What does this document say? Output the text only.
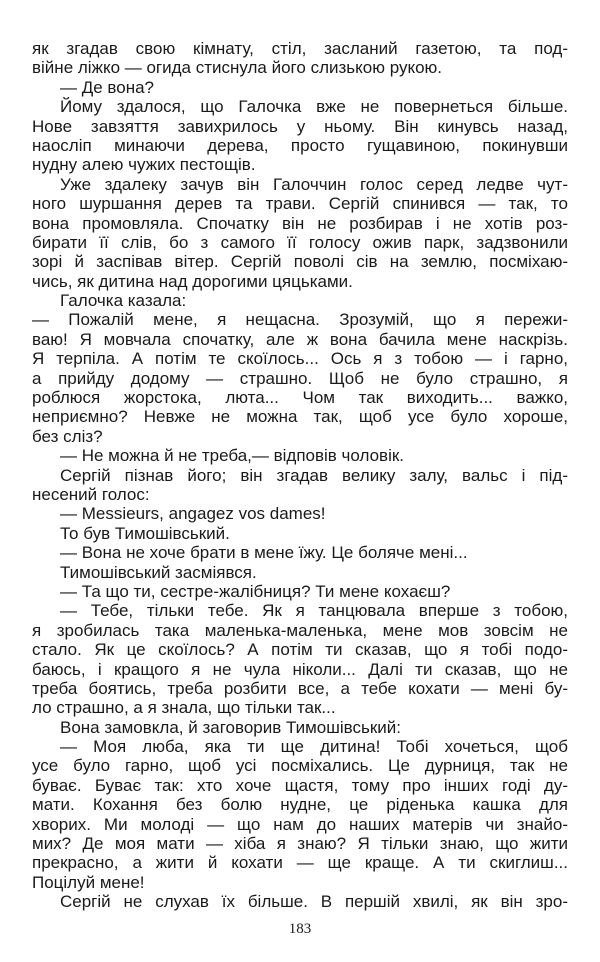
як згадав свою кімнату, стіл, засланий газетою, та под-
війне ліжко — огида стиснула його слизькою рукою.
— Де вона?
Йому здалося, що Галочка вже не повернеться більше.
Нове завзяття завихрилось у ньому. Він кинувсь назад,
наосліп минаючи дерева, просто гущавиною, покинувши
нудну алею чужих пестощів.
Уже здалеку зачув він Галоччин голос серед ледве чут-
ного шуршання дерев та трави. Сергій спинився — так, то
вона промовляла. Спочатку він не розбирав і не хотів роз-
бирати її слів, бо з самого її голосу ожив парк, задзвонили
зорі й заспівав вітер. Сергій поволі сів на землю, посміхаю-
чись, як дитина над дорогими цяцьками.
Галочка казала:
— Пожалій мене, я нещасна. Зрозумій, що я пережи-
ваю! Я мовчала спочатку, але ж вона бачила мене наскрізь.
Я терпіла. А потім те скоїлось... Ось я з тобою — і гарно,
а прийду додому — страшно. Щоб не було страшно, я
роблюся жорстока, люта... Чом так виходить... важко,
неприємно? Невже не можна так, щоб усе було хороше,
без сліз?
— Не можна й не треба,— відповів чоловік.
Сергій пізнав його; він згадав велику залу, вальс і під-
несений голос:
— Messieurs, angagez vos dames!
То був Тимошівський.
— Вона не хоче брати в мене їжу. Це боляче мені...
Тимошівський засміявся.
— Та що ти, сестре-жалібниця? Ти мене кохаєш?
— Тебе, тільки тебе. Як я танцювала вперше з тобою,
я зробилась така маленька-маленька, мене мов зовсім не
стало. Як це скоїлось? А потім ти сказав, що я тобі подо-
баюсь, і кращого я не чула ніколи... Далі ти сказав, що не
треба боятись, треба розбити все, а тебе кохати — мені бу-
ло страшно, а я знала, що тільки так...
Вона замовкла, й заговорив Тимошівський:
— Моя люба, яка ти ще дитина! Тобі хочеться, щоб
усе було гарно, щоб усі посміхались. Це дурниця, так не
буває. Буває так: хто хоче щастя, тому про інших годі ду-
мати. Кохання без болю нудне, це ріденька кашка для
хворих. Ми молоді — що нам до наших матерів чи знайо-
мих? Де моя мати — хіба я знаю? Я тільки знаю, що жити
прекрасно, а жити й кохати — ще краще. А ти скиглиш...
Поцілуй мене!
Сергій не слухав їх більше. В першій хвилі, як він зро-
183
